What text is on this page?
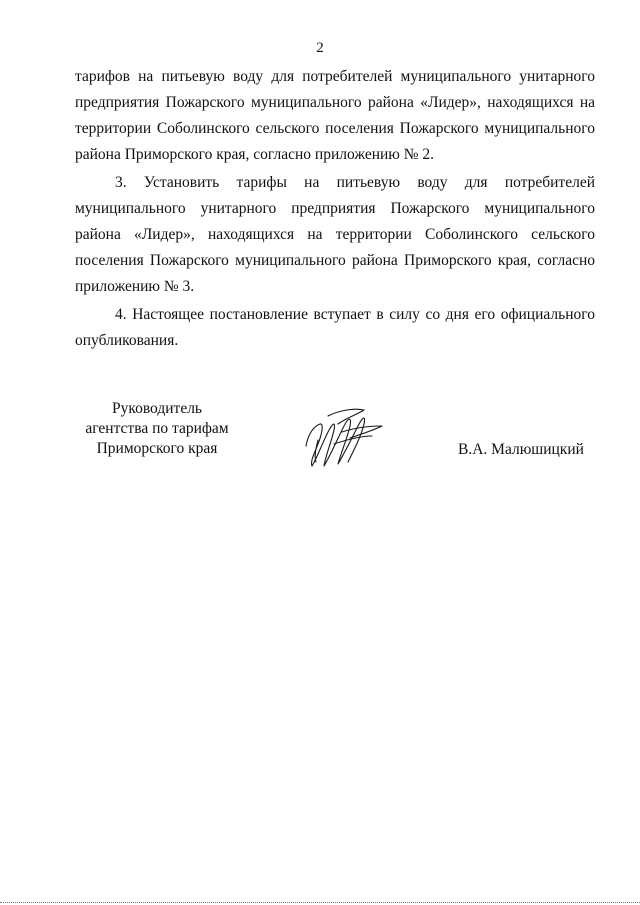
2

тарифов на питьевую воду для потребителей муниципального унитарного предприятия Пожарского муниципального района «Лидер», находящихся на территории Соболинского сельского поселения Пожарского муниципального района Приморского края, согласно приложению № 2.

3. Установить тарифы на питьевую воду для потребителей муниципального унитарного предприятия Пожарского муниципального района «Лидер», находящихся на территории Соболинского сельского поселения Пожарского муниципального района Приморского края, согласно приложению № 3.

4. Настоящее постановление вступает в силу со дня его официального опубликования.

Руководитель
агентства по тарифам
Приморского края	В.А. Малюшицкий
